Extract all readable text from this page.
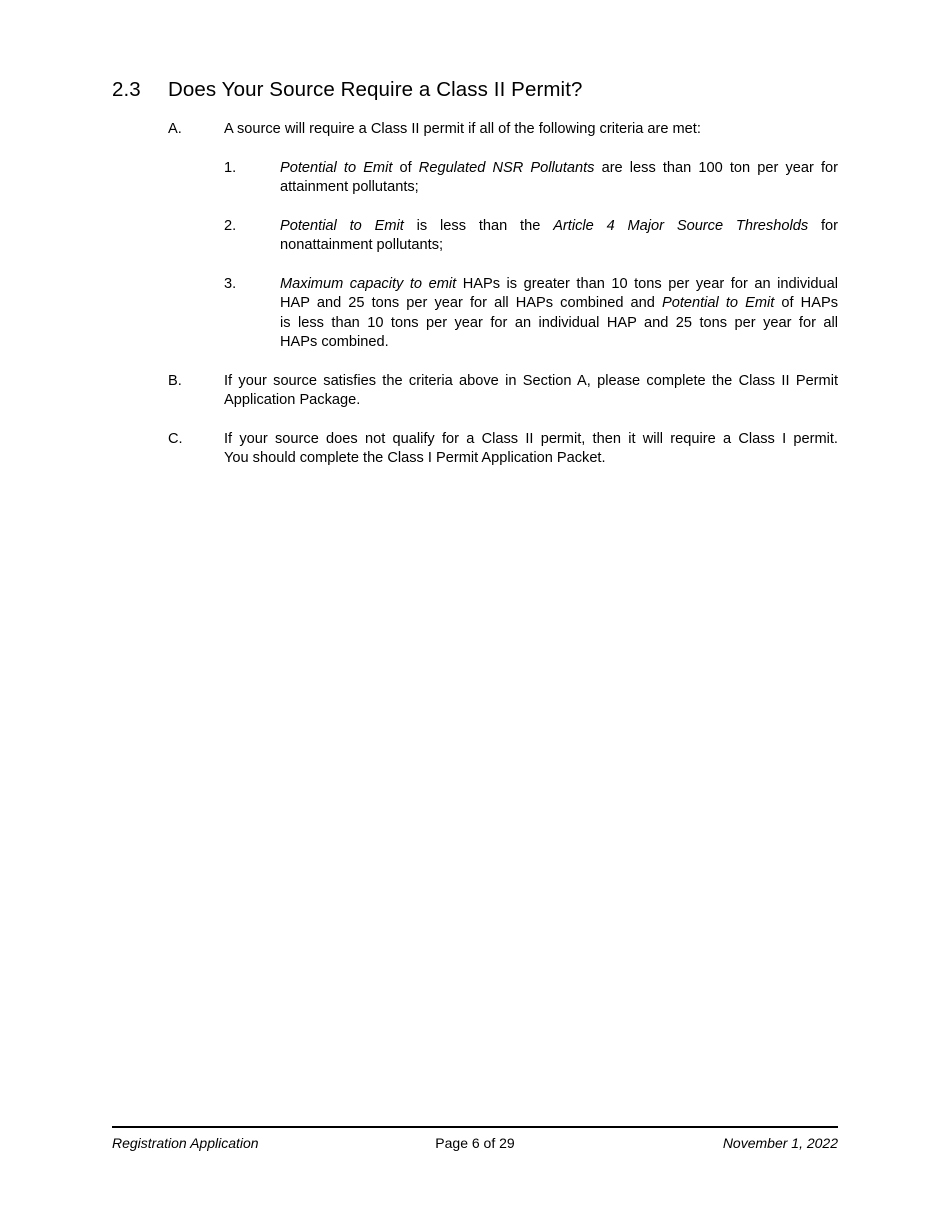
2.3 Does Your Source Require a Class II Permit?
A.	A source will require a Class II permit if all of the following criteria are met:
1.	Potential to Emit of Regulated NSR Pollutants are less than 100 ton per year for
attainment pollutants;
2.	Potential to Emit is less than the Article 4 Major Source Thresholds for
nonattainment pollutants;
3.	Maximum capacity to emit HAPs is greater than 10 tons per year for an individual
HAP and 25 tons per year for all HAPs combined and Potential to Emit of HAPs
is less than 10 tons per year for an individual HAP and 25 tons per year for all
HAPs combined.
B.	If your source satisfies the criteria above in Section A, please complete the Class II Permit
Application Package.
C.	If your source does not qualify for a Class II permit, then it will require a Class I permit.
You should complete the Class I Permit Application Packet.
Page 6 of 29
Registration Application	November 1, 2022
